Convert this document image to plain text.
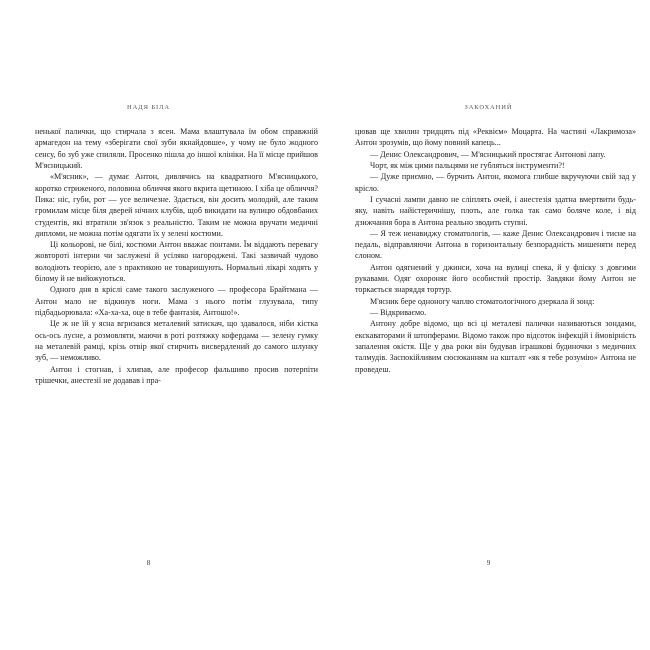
НАДЯ БІЛА

ненької палички, що стирчала з ясен. Мама влаштувала їм обом справжній армагедон на тему «зберігати свої зуби якнайдовше», у чому не було жодного сенсу, бо зуб уже спиляли. Просенко пішла до іншої клініки. На її місце прийшов М'ясницький.

«М'ясник», — думає Антон, дивлячись на квадратного М'ясницького, коротко стриженого, половина обличчя якого вкрита щетиною. І хіба це обличчя? Пика: ніс, губи, рот — усе величезне. Здається, він досить молодий, але таким громилам місце біля дверей нічних клубів, щоб викидати на вулицю обдовбаних студентів, які втратили зв'язок з реальністю. Таким не можна вручати медичні дипломи, не можна потім одягати їх у зелені костюми.

Ці кольорові, не білі, костюми Антон вважає понтами. Їм віддають перевагу жовтороті інтерни чи заслужені й усіляко нагороджені. Такі зазвичай чудово володіють теорією, але з практикою не товаришують. Нормальні лікарі ходять у білому й не вийожуються.

Одного дня в кріслі саме такого заслуженого — професора Брайтмана — Антон мало не відкинув ноги. Мама з нього потім глузувала, типу підбадьорювала: «Ха-ха-ха, оце в тебе фантазія, Антошо!».

Це ж не їй у ясна вгризався металевий затискач, що здавалося, ніби кістка ось-ось лусне, а розмовляти, маючи в роті розтяжку кофердама — зелену гумку на металевій рамці, крізь отвір якої стирчить висвердлений до самого шлунку зуб, — неможливо.

Антон і стогнав, і хлипав, але професор фальшиво просив потерпіти трішечки, анестезії не додавав і пра-

8
ЗАКОХАНИЙ

цював ще хвилин тридцять під «Реквієм» Моцарта. На частині «Лакримоза» Антон зрозумів, що йому повний капець...

— Денис Олександрович, — М'ясницький простягає Антонові лапу.

Чорт, як між цими пальцями не губляться інструменти?!

— Дуже приємно, — бурчить Антон, якомога глибше вкручуючи свій зад у крісло.

І сучасні лампи давно не сліплять очей, і анестезія здатна вмертвити будь-яку, навіть найістеричнішу, плоть, але голка так само боляче коле, і від дзижчання бора в Антона реально зводить ступні.

— Я теж ненавиджу стоматологів, — каже Денис Олександрович і тисне на педаль, відправляючи Антона в горизонтальну безпорадність мишеняти перед слоном.

Антон одягнений у джинси, хоча на вулиці спека, й у фліску з довгими рукавами. Одяг охороняє його особистий простір. Завдяки йому Антон не торкається знаряддя тортур.

М'ясник бере одноногу чаплю стоматологічного дзеркала й зонд:

— Відкриваємо.

Антону добре відомо, що всі ці металеві палички називаються зондами, екскаваторами й штопферами. Відомо також про відсоток інфекцій і ймовірність запалення окістя. Ще у два роки він будував іграшкові будиночки з медичних талмудів. Заспокійливим сюсюканням на кшталт «як я тебе розумію» Антона не проведеш.

9
